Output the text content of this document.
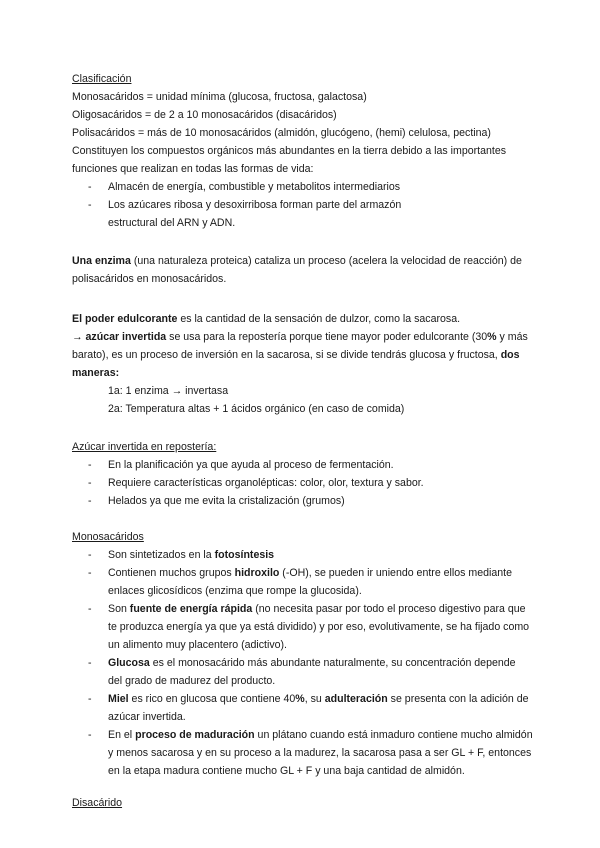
Clasificación
Monosacáridos = unidad mínima (glucosa, fructosa, galactosa)
Oligosacáridos = de 2 a 10 monosacáridos (disacáridos)
Polisacáridos = más de 10 monosacáridos (almidón, glucógeno, (hemi) celulosa, pectina)
Constituyen los compuestos orgánicos más abundantes en la tierra debido a las importantes funciones que realizan en todas las formas de vida:
- Almacén de energía, combustible y metabolitos intermediarios
- Los azúcares ribosa y desoxirribosa forman parte del armazón estructural del ARN y ADN.
Una enzima (una naturaleza proteica) cataliza un proceso (acelera la velocidad de reacción) de polisacáridos en monosacáridos.
El poder edulcorante es la cantidad de la sensación de dulzor, como la sacarosa.
→ azúcar invertida se usa para la repostería porque tiene mayor poder edulcorante (30% y más barato), es un proceso de inversión en la sacarosa, si se divide tendrás glucosa y fructosa, dos maneras:
1a: 1 enzima → invertasa
2a: Temperatura altas + 1 ácidos orgánico (en caso de comida)
Azúcar invertida en repostería:
- En la planificación ya que ayuda al proceso de fermentación.
- Requiere características organolépticas: color, olor, textura y sabor.
- Helados ya que me evita la cristalización (grumos)
Monosacáridos
- Son sintetizados en la fotosíntesis
- Contienen muchos grupos hidroxilo (-OH), se pueden ir uniendo entre ellos mediante enlaces glicosídicos (enzima que rompe la glucosida).
- Son fuente de energía rápida (no necesita pasar por todo el proceso digestivo para que te produzca energía ya que ya está dividido) y por eso, evolutivamente, se ha fijado como un alimento muy placentero (adictivo).
- Glucosa es el monosacárido más abundante naturalmente, su concentración depende del grado de madurez del producto.
- Miel es rico en glucosa que contiene 40%, su adulteración se presenta con la adición de azúcar invertida.
- En el proceso de maduración un plátano cuando está inmaduro contiene mucho almidón y menos sacarosa y en su proceso a la madurez, la sacarosa pasa a ser GL + F, entonces en la etapa madura contiene mucho GL + F y una baja cantidad de almidón.
Disacárido
